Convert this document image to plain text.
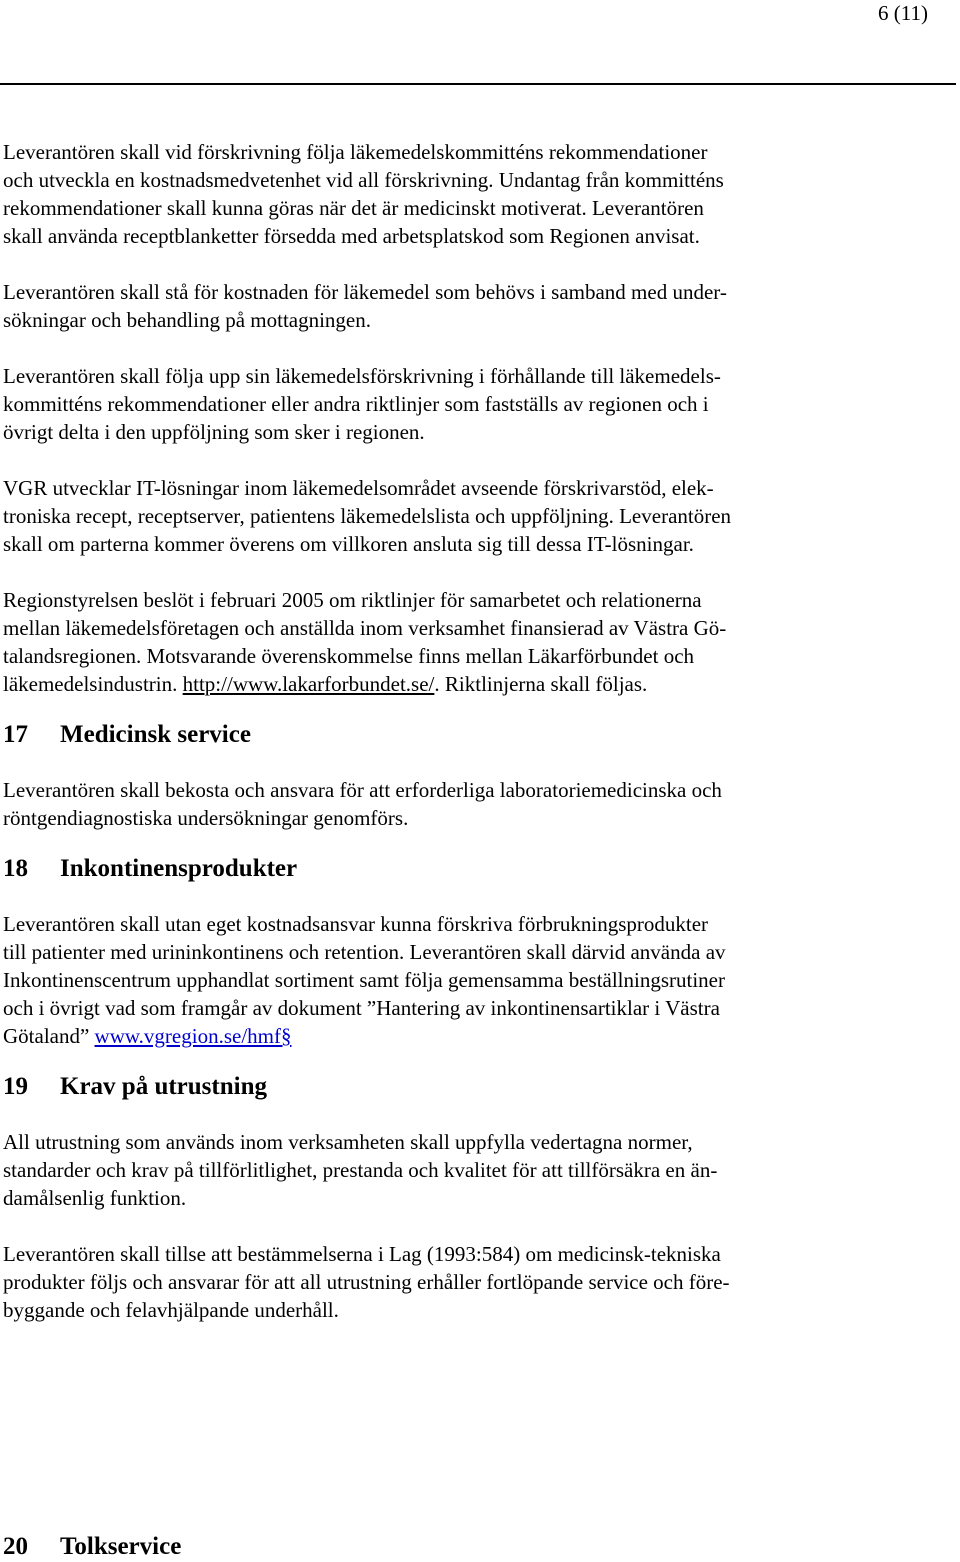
6 (11)

Leverantören skall vid förskrivning följa läkemedelskommitténs rekommendationer
och utveckla en kostnadsmedvetenhet vid all förskrivning. Undantag från kommitténs
rekommendationer skall kunna göras när det är medicinskt motiverat. Leverantören
skall använda receptblanketter försedda med arbetsplatskod som Regionen anvisat.

Leverantören skall stå för kostnaden för läkemedel som behövs i samband med under-
sökningar och behandling på mottagningen.

Leverantören skall följa upp sin läkemedelsförskrivning i förhållande till läkemedels-
kommitténs rekommendationer eller andra riktlinjer som fastställs av regionen och i
övrigt delta i den uppföljning som sker i regionen.

VGR utvecklar IT-lösningar inom läkemedelsområdet avseende förskrivarstöd, elek-
troniska recept, receptserver, patientens läkemedelslista och uppföljning. Leverantören
skall om parterna kommer överens om villkoren ansluta sig till dessa IT-lösningar.

Regionstyrelsen beslöt i februari 2005 om riktlinjer för samarbetet och relationerna
mellan läkemedelsföretagen och anställda inom verksamhet finansierad av Västra Gö-
talandsregionen. Motsvarande överenskommelse finns mellan Läkarförbundet och
läkemedelsindustrin. http://www.lakarforbundet.se/. Riktlinjerna skall följas.

17 Medicinsk service

Leverantören skall bekosta och ansvara för att erforderliga laboratoriemedicinska och
röntgendiagnostiska undersökningar genomförs.

18 Inkontinensprodukter

Leverantören skall utan eget kostnadsansvar kunna förskriva förbrukningsprodukter
till patienter med urininkontinens och retention. Leverantören skall därvid använda av
Inkontinenscentrum upphandlat sortiment samt följa gemensamma beställningsrutiner
och i övrigt vad som framgår av dokument ”Hantering av inkontinensartiklar i Västra
Götaland” www.vgregion.se/hmf§

19 Krav på utrustning

All utrustning som används inom verksamheten skall uppfylla vedertagna normer,
standarder och krav på tillförlitlighet, prestanda och kvalitet för att tillförsäkra en än-
damålsenlig funktion.

Leverantören skall tillse att bestämmelserna i Lag (1993:584) om medicinsk-tekniska
produkter följs och ansvarar för att all utrustning erhåller fortlöpande service och före-
byggande och felavhjälpande underhåll.

20 Tolkservice
